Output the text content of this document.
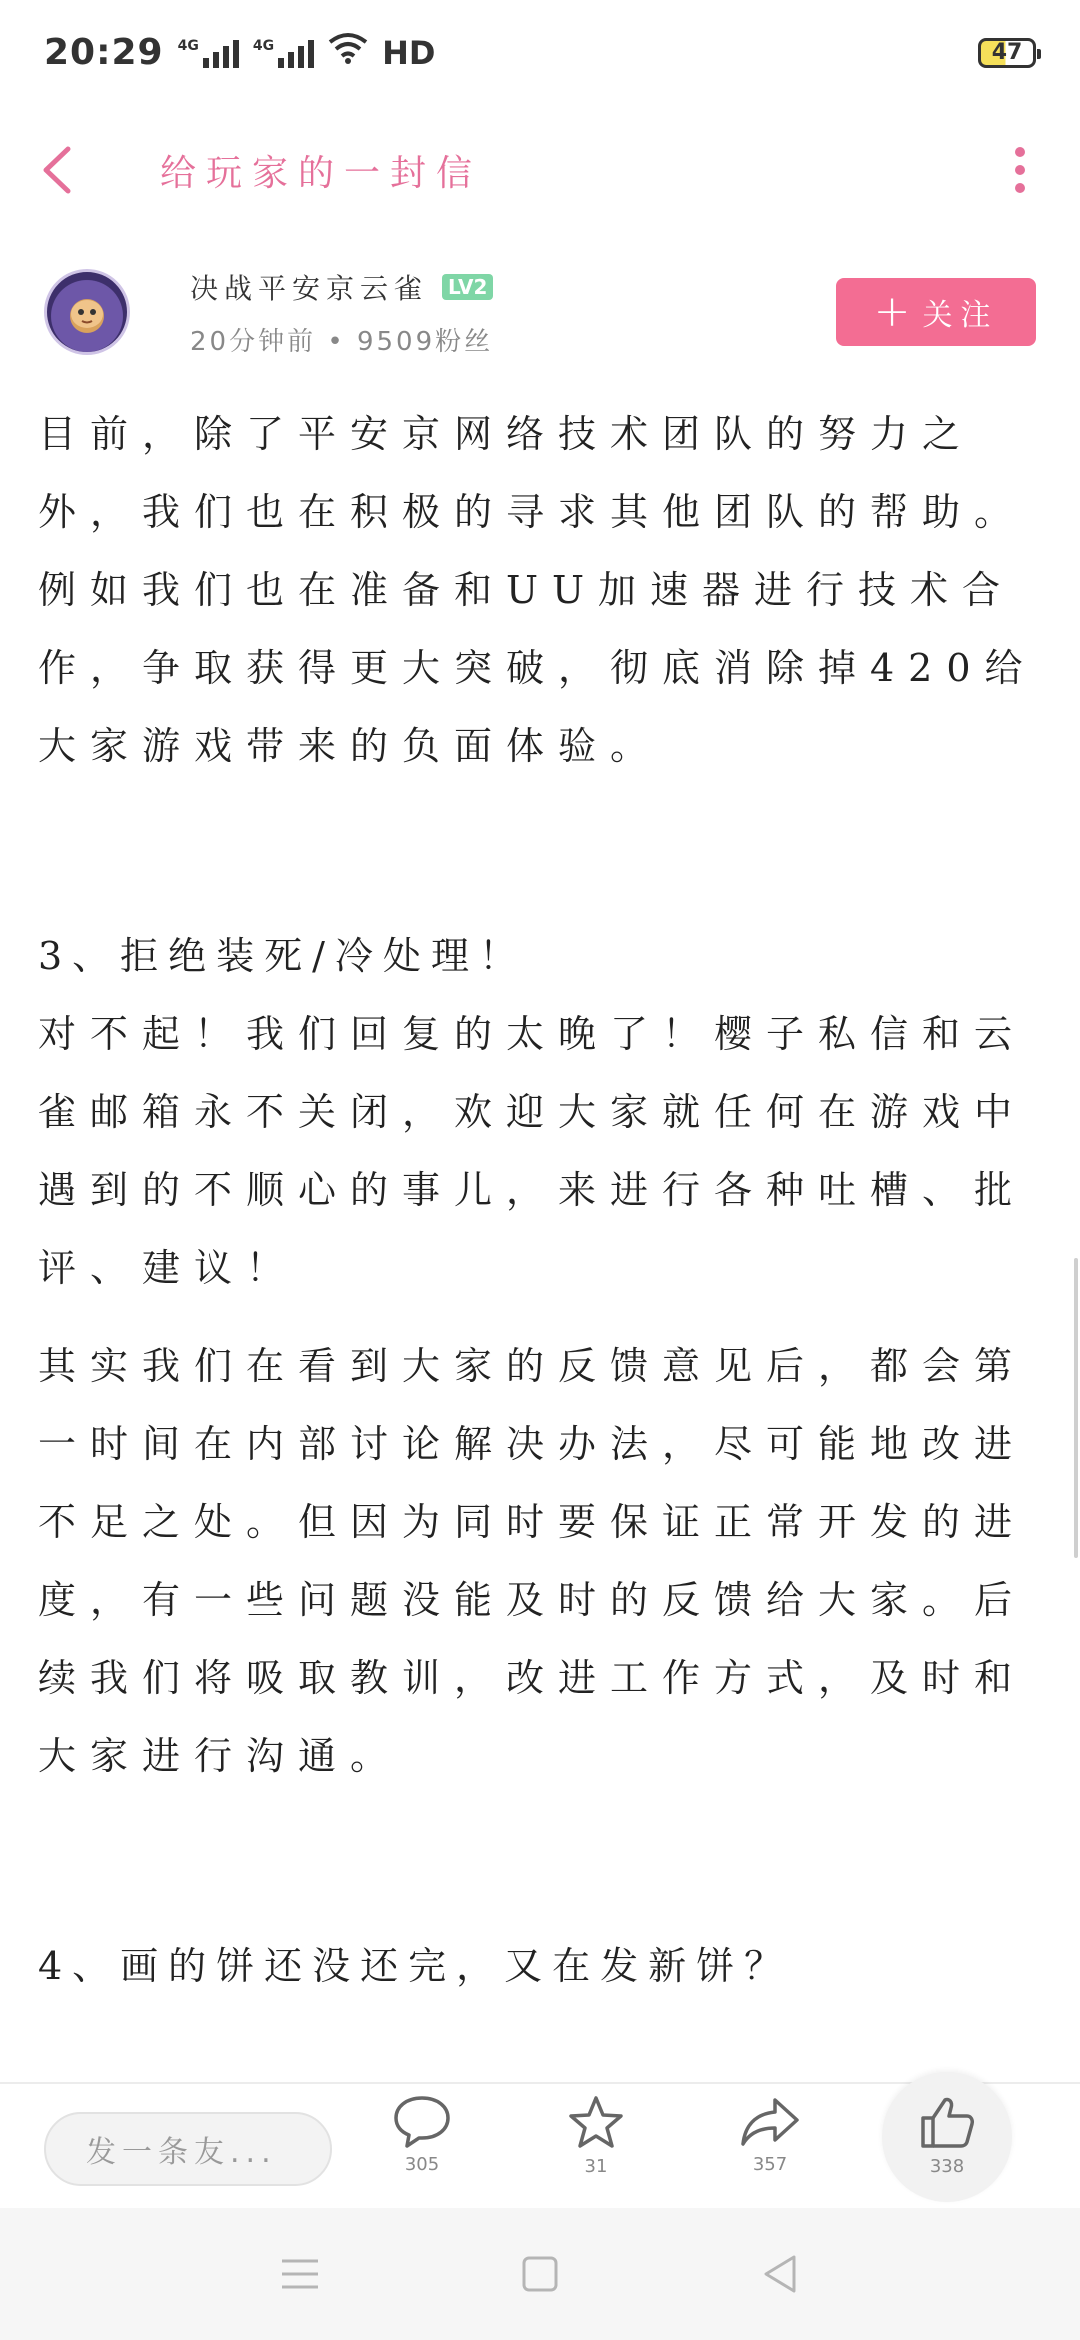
20:29 4G	4G	HD	47
给玩家的一封信
决战平安京云雀	LV2
20分钟前 • 9509粉丝
+ 关注

目前，除了平安京网络技术团队的努力之外，我们也在积极的寻求其他团队的帮助。例如我们也在准备和UU加速器进行技术合作，争取获得更大突破，彻底消除掉420给大家游戏带来的负面体验。

3、拒绝装死/冷处理！

对不起！我们回复的太晚了！樱子私信和云雀邮箱永不关闭，欢迎大家就任何在游戏中遇到的不顺心的事儿，来进行各种吐槽、批评、建议！

其实我们在看到大家的反馈意见后，都会第一时间在内部讨论解决办法，尽可能地改进不足之处。但因为同时要保证正常开发的进度，有一些问题没能及时的反馈给大家。后续我们将吸取教训，改进工作方式，及时和大家进行沟通。

4、画的饼还没还完，又在发新饼？

发一条友...	305	31	357	338
